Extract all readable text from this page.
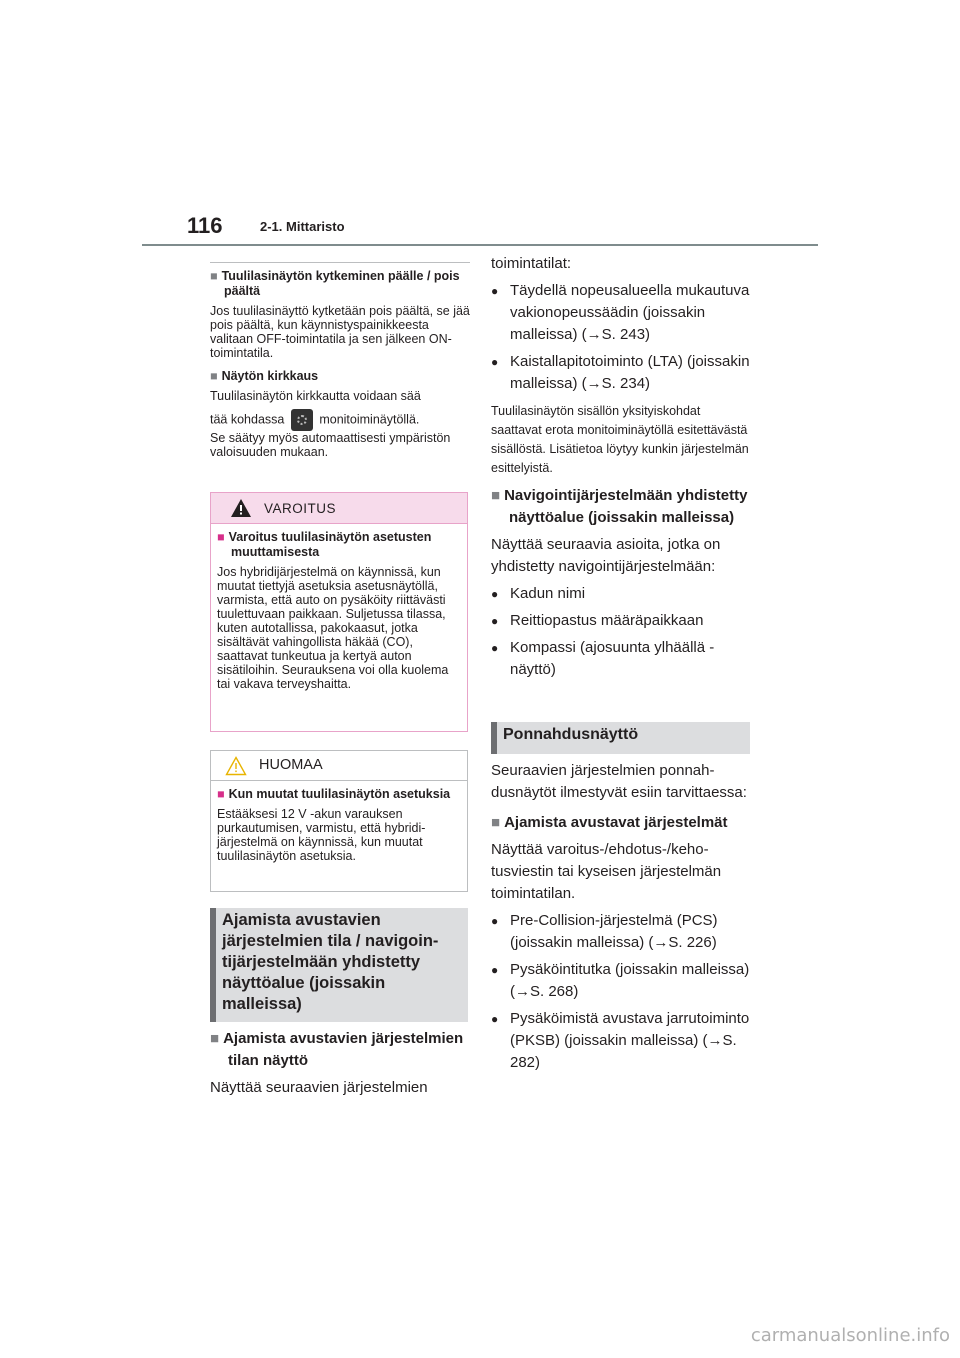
116	2-1. Mittaristo
■ Tuulilasinäytön kytkeminen päälle / pois päältä
Jos tuulilasinäyttö kytketään pois päältä, se jää pois päältä, kun käynnistyspainikkeesta valitaan OFF-toimintatila ja sen jälkeen ON-toimintatila.
■ Näytön kirkkaus
Tuulilasinäytön kirkkautta voidaan sää
tää kohdassa	monitoiminäytöllä.
Se säätyy myös automaattisesti ympäristön valoisuuden mukaan.
VAROITUS
■ Varoitus tuulilasinäytön asetusten muuttamisesta
Jos hybridijärjestelmä on käynnissä, kun muutat tiettyjä asetuksia asetusnäytöllä, varmista, että auto on pysäköity riittävästi tuulettuvaan paikkaan. Suljetussa tilassa, kuten autotallissa, pakokaasut, jotka sisältävät vahingollista häkää (CO), saattavat tunkeutua ja kertyä auton sisätiloihin. Seurauksena voi olla kuolema tai vakava terveyshaitta.
HUOMAA
■ Kun muutat tuulilasinäytön asetuksia
Estääksesi 12 V -akun varauksen purkautumisen, varmistu, että hybridijärjestelmä on käynnissä, kun muutat tuulilasinäytön asetuksia.
Ajamista avustavien järjestelmien tila / navigointijärjestelmään yhdistetty näyttöalue (joissakin malleissa)
■ Ajamista avustavien järjestelmien tilan näyttö
Näyttää seuraavien järjestelmien
toimintatilat:
● Täydellä nopeusalueella mukautuva vakionopeussäädin (joissakin malleissa) (→S. 243)
● Kaistallapitotoiminto (LTA) (joissakin malleissa) (→S. 234)
Tuulilasinäytön sisällön yksityiskohdat saattavat erota monitoiminäytöllä esitettävästä sisällöstä. Lisätietoa löytyy kunkin järjestelmän esittelyistä.
■ Navigointijärjestelmään yhdistetty näyttöalue (joissakin malleissa)
Näyttää seuraavia asioita, jotka on yhdistetty navigointijärjestelmään:
● Kadun nimi
● Reittiopastus määräpaikkaan
● Kompassi (ajosuunta ylhäällä -näyttö)
Ponnahdusnäyttö
Seuraavien järjestelmien ponnahdusnäytöt ilmestyvät esiin tarvittaessa:
■ Ajamista avustavat järjestelmät
Näyttää varoitus-/ehdotus-/kehotusviestin tai kyseisen järjestelmän toimintatilan.
● Pre-Collision-järjestelmä (PCS) (joissakin malleissa) (→S. 226)
● Pysäköintitutka (joissakin malleissa) (→S. 268)
● Pysäköimistä avustava jarrutoiminto (PKSB) (joissakin malleissa) (→S. 282)
carmanualsonline.info
